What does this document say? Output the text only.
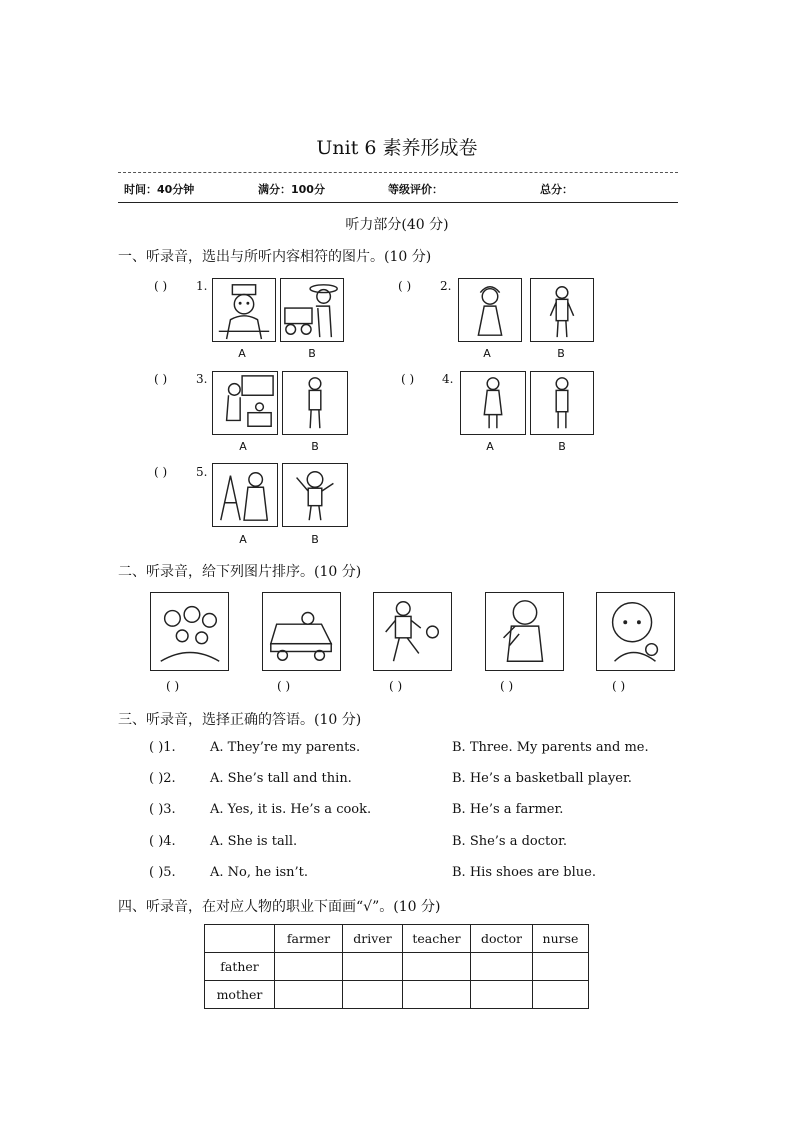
Unit 6 素养形成卷
时间：40分钟	满分：100分	等级评价：	总分：
听力部分(40 分)
一、听录音，选出与所听内容相符的图片。(10 分)
( ) 1.
A	B
( ) 2.
A	B
( ) 3.
A	B
( ) 4.
A	B
( ) 5.
A	B
二、听录音，给下列图片排序。(10 分)
( )	( )	( )	( )	( )
三、听录音，选择正确的答语。(10 分)
( )1.	A. They’re my parents.	B. Three. My parents and me.
( )2.	A. She’s tall and thin.	B. He’s a basketball player.
( )3.	A. Yes, it is. He’s a cook.	B. He’s a farmer.
( )4.	A. She is tall.	B. She’s a doctor.
( )5.	A. No, he isn’t.	B. His shoes are blue.
四、听录音，在对应人物的职业下面画“√”。(10 分)
	farmer	driver	teacher	doctor	nurse
father					
mother					
